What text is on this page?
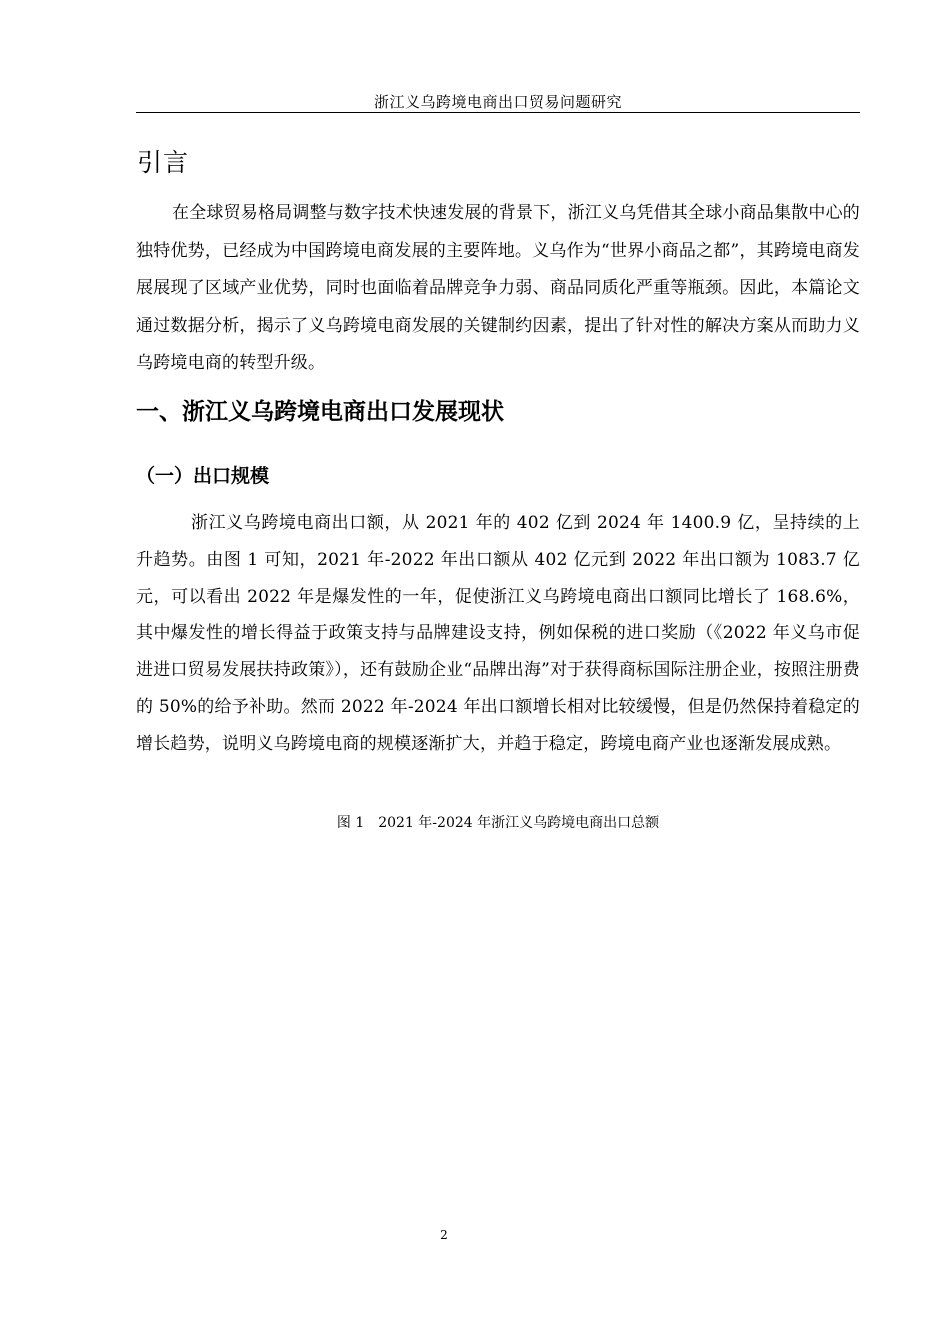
浙江义乌跨境电商出口贸易问题研究
引言

在全球贸易格局调整与数字技术快速发展的背景下，浙江义乌凭借其全球小商品集散中心的独特优势，已经成为中国跨境电商发展的主要阵地。义乌作为“世界小商品之都”，其跨境电商发展展现了区域产业优势，同时也面临着品牌竞争力弱、商品同质化严重等瓶颈。因此，本篇论文通过数据分析，揭示了义乌跨境电商发展的关键制约因素，提出了针对性的解决方案从而助力义乌跨境电商的转型升级。

一、浙江义乌跨境电商出口发展现状
（一）出口规模

浙江义乌跨境电商出口额，从 2021 年的 402 亿到 2024 年 1400.9 亿，呈持续的上升趋势。由图 1 可知，2021 年-2022 年出口额从 402 亿元到 2022 年出口额为 1083.7 亿元，可以看出 2022 年是爆发性的一年，促使浙江义乌跨境电商出口额同比增长了 168.6%，其中爆发性的增长得益于政策支持与品牌建设支持，例如保税的进口奖励（《2022 年义乌市促进进口贸易发展扶持政策》），还有鼓励企业“品牌出海”对于获得商标国际注册企业，按照注册费的 50%的给予补助。然而 2022 年-2024 年出口额增长相对比较缓慢，但是仍然保持着稳定的增长趋势，说明义乌跨境电商的规模逐渐扩大，并趋于稳定，跨境电商产业也逐渐发展成熟。

图 1　2021 年-2024 年浙江义乌跨境电商出口总额
2
